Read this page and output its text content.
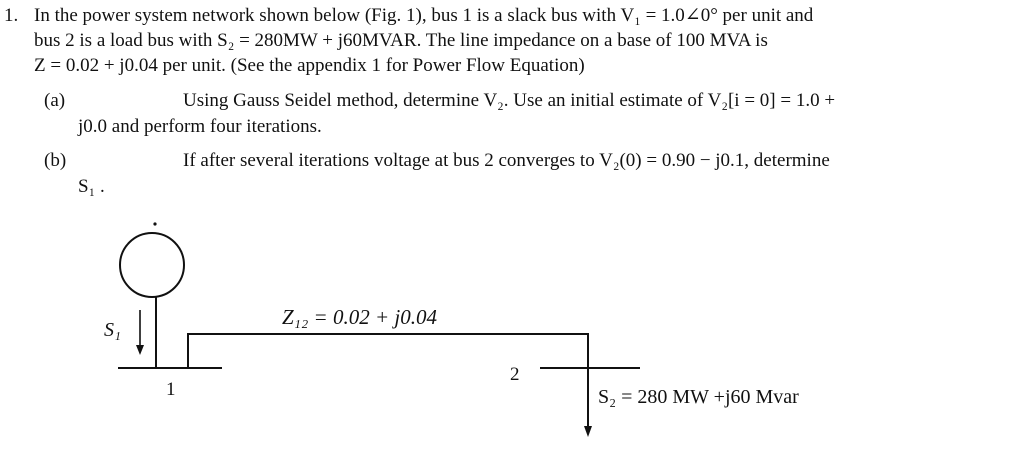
1. In the power system network shown below (Fig. 1), bus 1 is a slack bus with V₁ = 1.0∠0° per unit and
bus 2 is a load bus with S₂ = 280MW + j60MVAR. The line impedance on a base of 100 MVA is
Z = 0.02 + j0.04 per unit. (See the appendix 1 for Power Flow Equation)
(a)	Using Gauss Seidel method, determine V₂. Use an initial estimate of V₂[i = 0] = 1.0 +
j0.0 and perform four iterations.
(b)	If after several iterations voltage at bus 2 converges to V₂(0) = 0.90 − j0.1, determine
S₁ .
S₁
1
Z₁₂ = 0.02 + j0.04
2
S₂ = 280 MW +j60 Mvar
